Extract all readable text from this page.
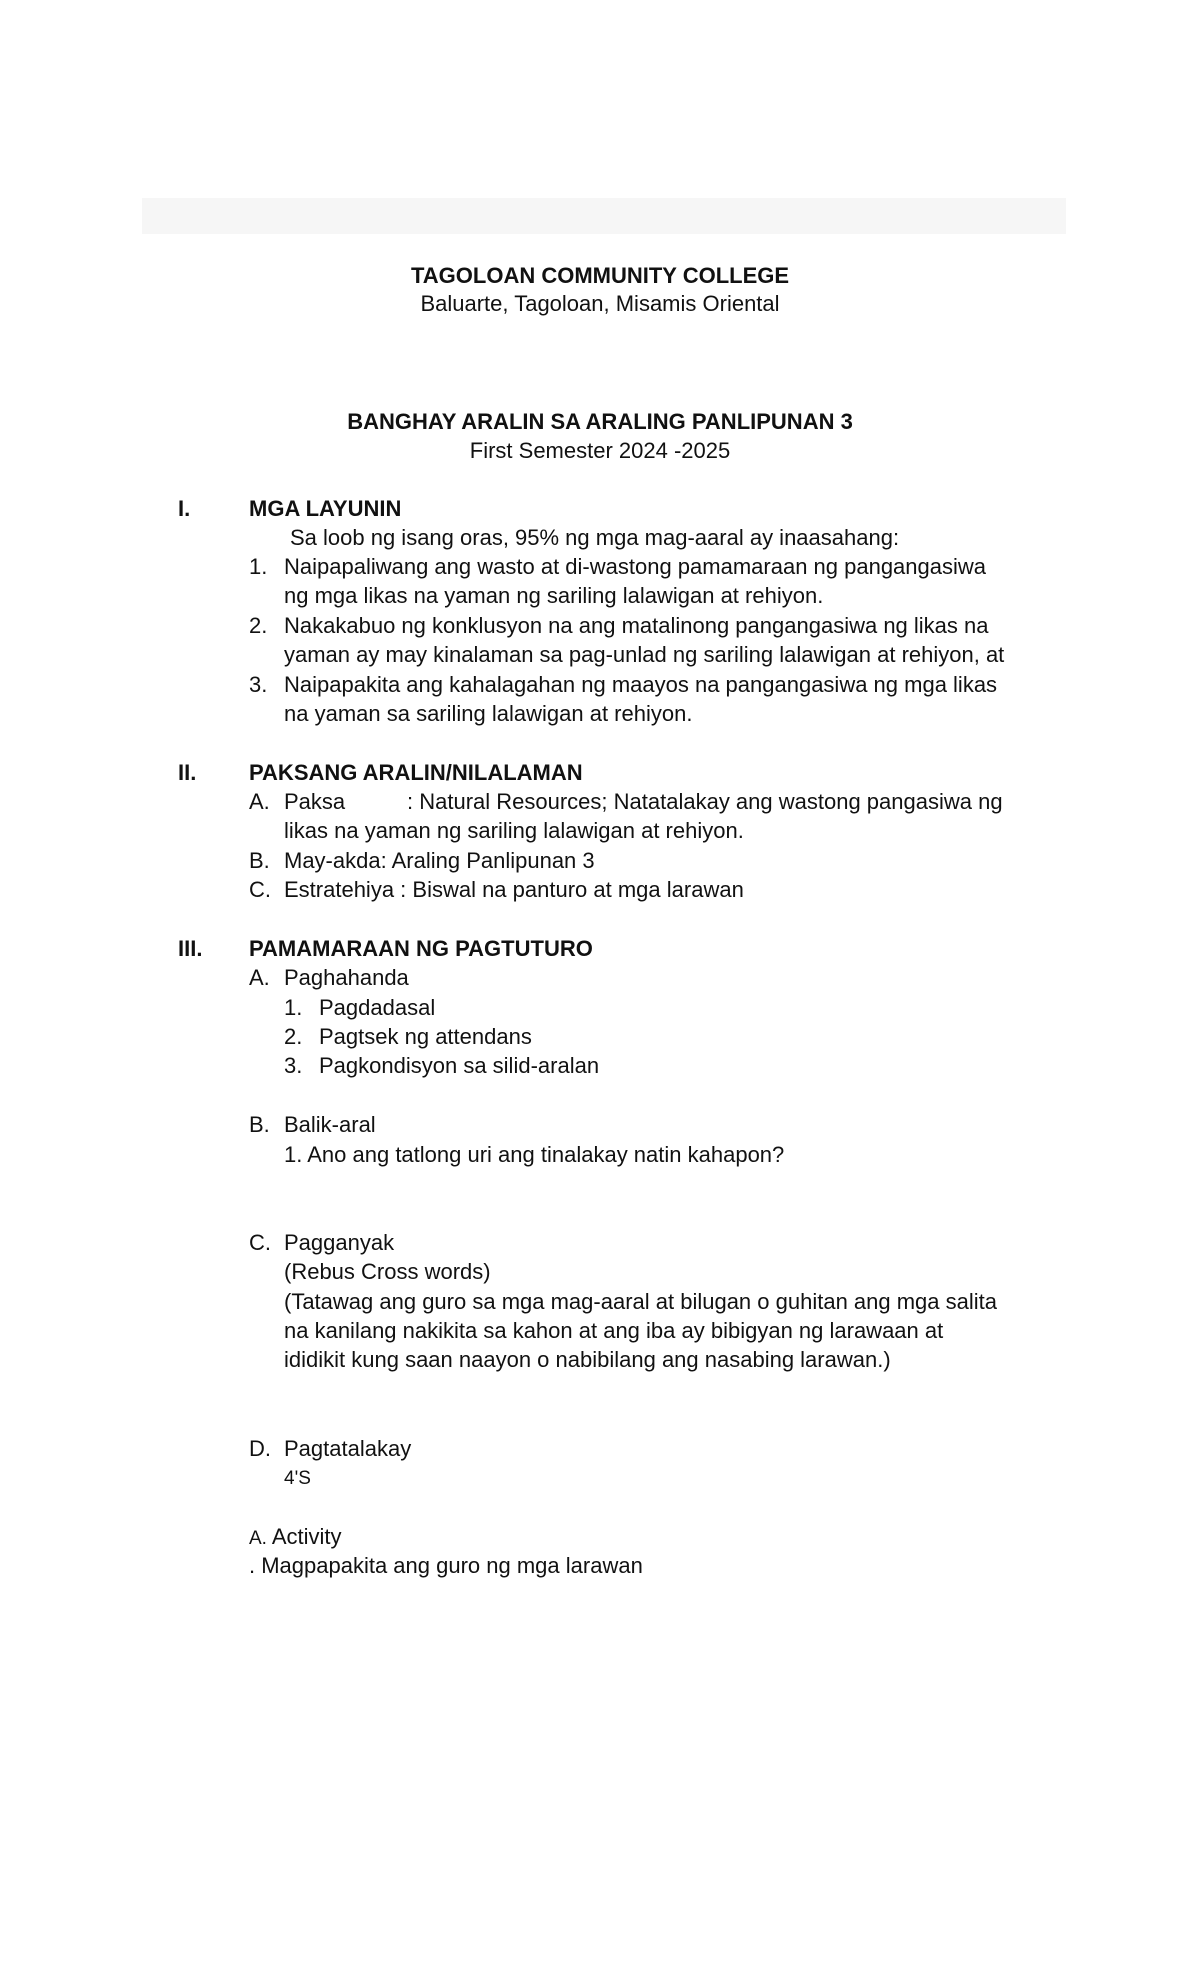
TAGOLOAN COMMUNITY COLLEGE
Baluarte, Tagoloan, Misamis Oriental
BANGHAY ARALIN SA ARALING PANLIPUNAN 3
First Semester 2024 -2025
I.	MGA LAYUNIN
Sa loob ng isang oras, 95% ng mga mag-aaral ay inaasahang:
1. Naipapaliwang ang wasto at di-wastong pamamaraan ng pangangasiwa
ng mga likas na yaman ng sariling lalawigan at rehiyon.
2. Nakakabuo ng konklusyon na ang matalinong pangangasiwa ng likas na
yaman ay may kinalaman sa pag-unlad ng sariling lalawigan at rehiyon, at
3. Naipapakita ang kahalagahan ng maayos na pangangasiwa ng mga likas
na yaman sa sariling lalawigan at rehiyon.
II. PAKSANG ARALIN/NILALAMAN
A. Paksa	: Natural Resources; Natatalakay ang wastong pangasiwa ng
likas na yaman ng sariling lalawigan at rehiyon.
B. May-akda: Araling Panlipunan 3
C. Estratehiya : Biswal na panturo at mga larawan
III. PAMAMARAAN NG PAGTUTURO
A. Paghahanda
1. Pagdadasal
2. Pagtsek ng attendans
3. Pagkondisyon sa silid-aralan
B. Balik-aral
1. Ano ang tatlong uri ang tinalakay natin kahapon?
C. Pagganyak
(Rebus Cross words)
(Tatawag ang guro sa mga mag-aaral at bilugan o guhitan ang mga salita
na kanilang nakikita sa kahon at ang iba ay bibigyan ng larawaan at
ididikit kung saan naayon o nabibilang ang nasabing larawan.)
D. Pagtatalakay
4'S
A. Activity
. Magpapakita ang guro ng mga larawan
